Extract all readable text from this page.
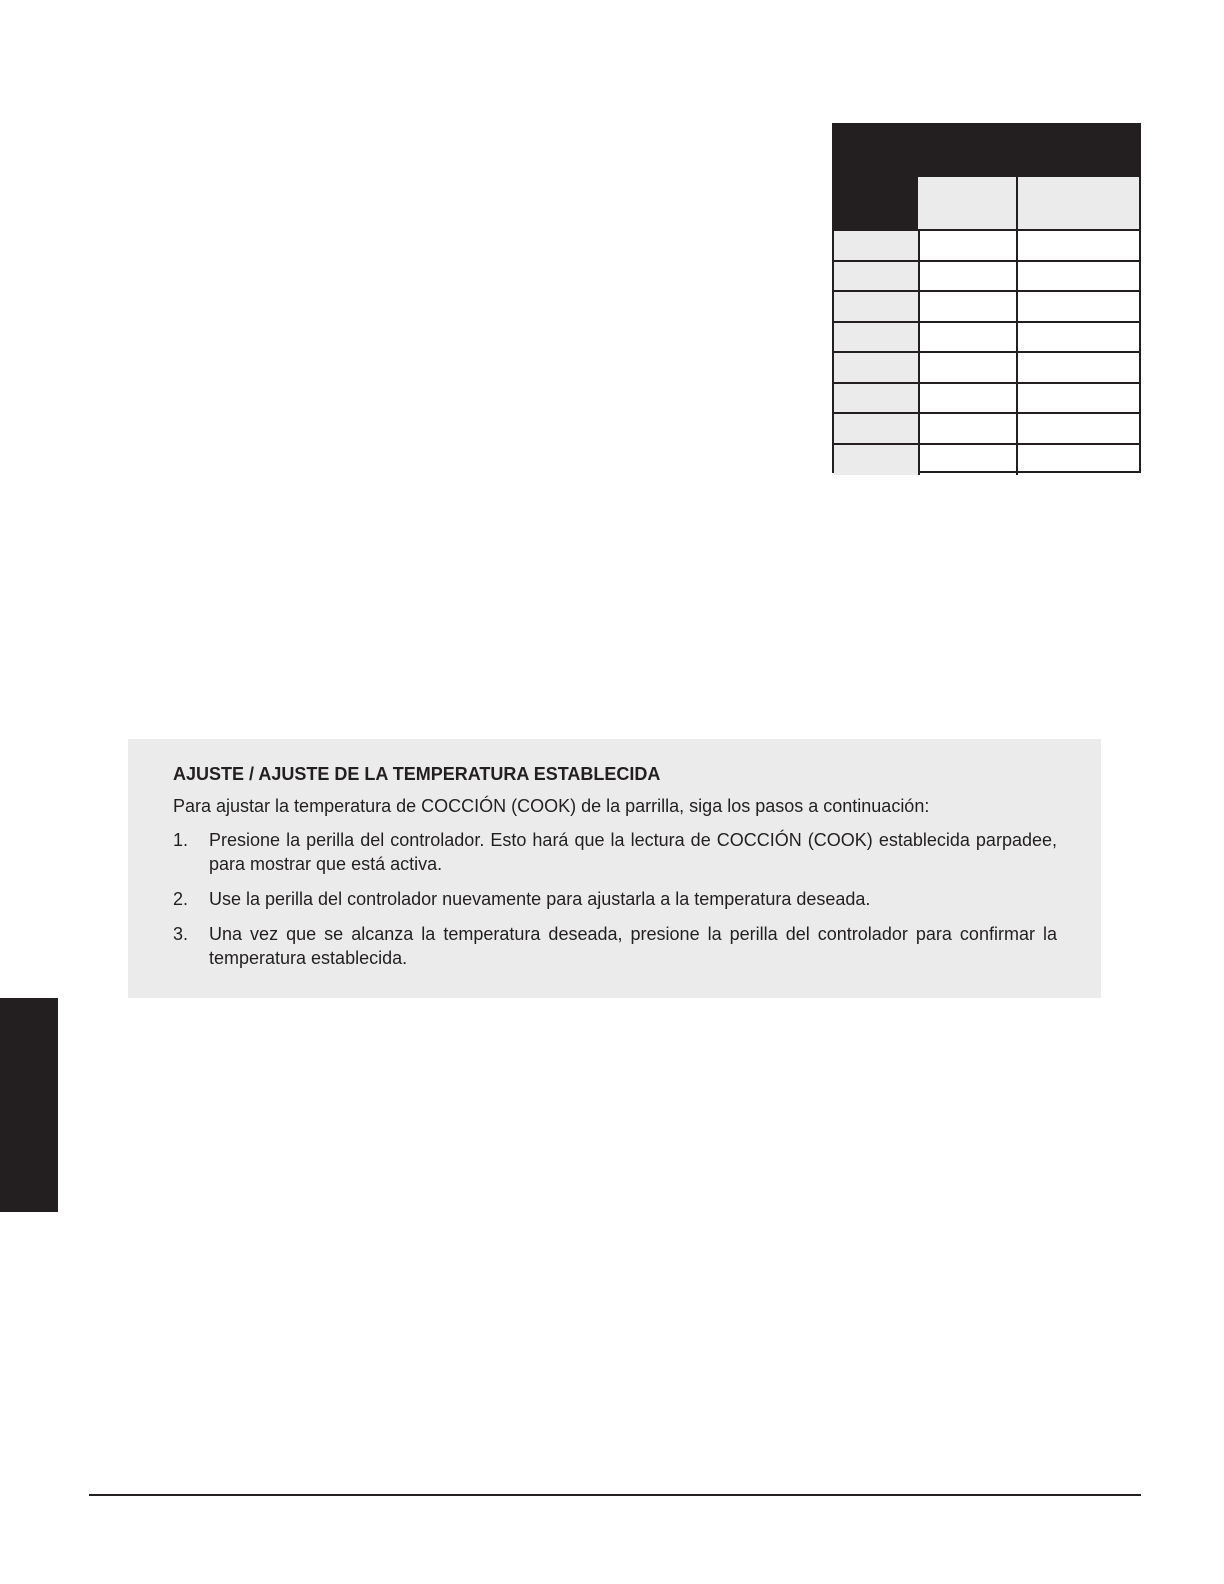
AJUSTE / AJUSTE DE LA TEMPERATURA ESTABLECIDA
Para ajustar la temperatura de COCCIÓN (COOK) de la parrilla, siga los pasos a continuación:
1.	Presione la perilla del controlador. Esto hará que la lectura de COCCIÓN (COOK) establecida parpadee, para mostrar que está activa.
2.	Use la perilla del controlador nuevamente para ajustarla a la temperatura deseada.
3.	Una vez que se alcanza la temperatura deseada, presione la perilla del controlador para confirmar la temperatura establecida.
